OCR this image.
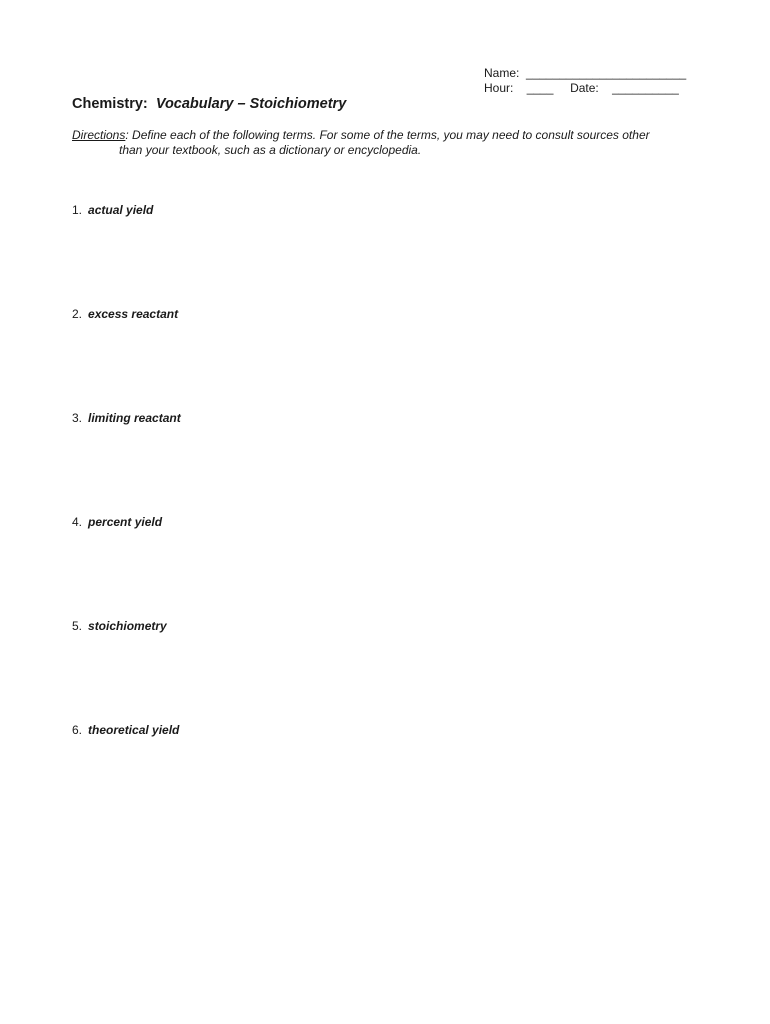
Name: ________________________
Hour: ____ Date: __________
Chemistry: Vocabulary – Stoichiometry
Directions: Define each of the following terms. For some of the terms, you may need to consult sources other
than your textbook, such as a dictionary or encyclopedia.
1. actual yield
2. excess reactant
3. limiting reactant
4. percent yield
5. stoichiometry
6. theoretical yield
